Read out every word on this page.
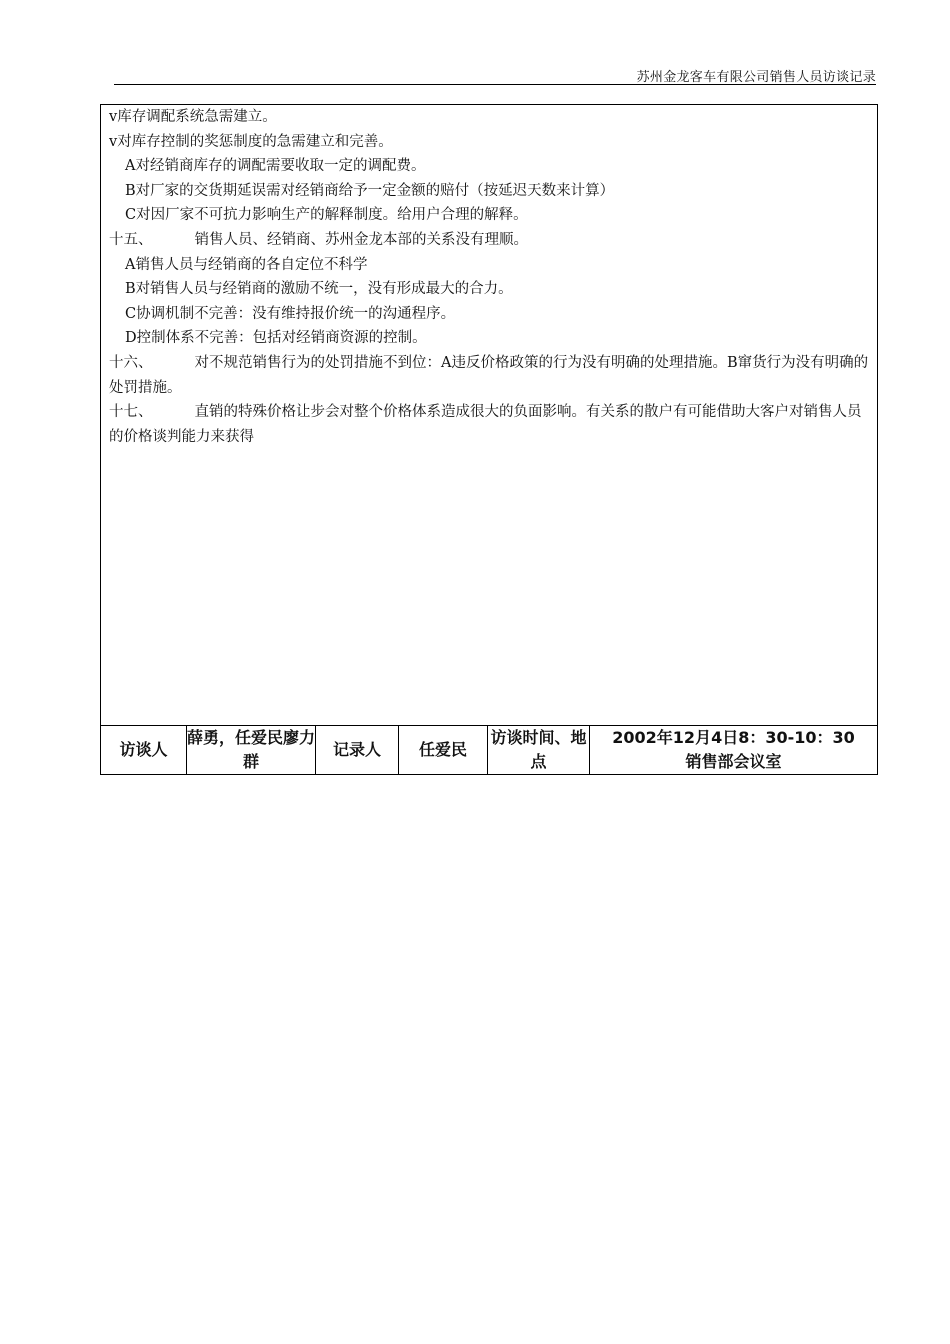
苏州金龙客车有限公司销售人员访谈记录

v库存调配系统急需建立。

v对库存控制的奖惩制度的急需建立和完善。

A对经销商库存的调配需要收取一定的调配费。

B对厂家的交货期延误需对经销商给予一定金额的赔付（按延迟天数来计算）

C对因厂家不可抗力影响生产的解释制度。给用户合理的解释。

十五、	销售人员、经销商、苏州金龙本部的关系没有理顺。

A销售人员与经销商的各自定位不科学

B对销售人员与经销商的激励不统一，没有形成最大的合力。

C协调机制不完善：没有维持报价统一的沟通程序。

D控制体系不完善：包括对经销商资源的控制。

十六、	对不规范销售行为的处罚措施不到位：A违反价格政策的行为没有明确的处理措施。B窜货行为没有明确的处罚措施。

十七、	直销的特殊价格让步会对整个价格体系造成很大的负面影响。有关系的散户有可能借助大客户对销售人员的价格谈判能力来获得

访谈人	薛勇，任爱民廖力群	记录人	任爱民	访谈时间、地点	
2002年12月4日8：30-10：30
销售部会议室
